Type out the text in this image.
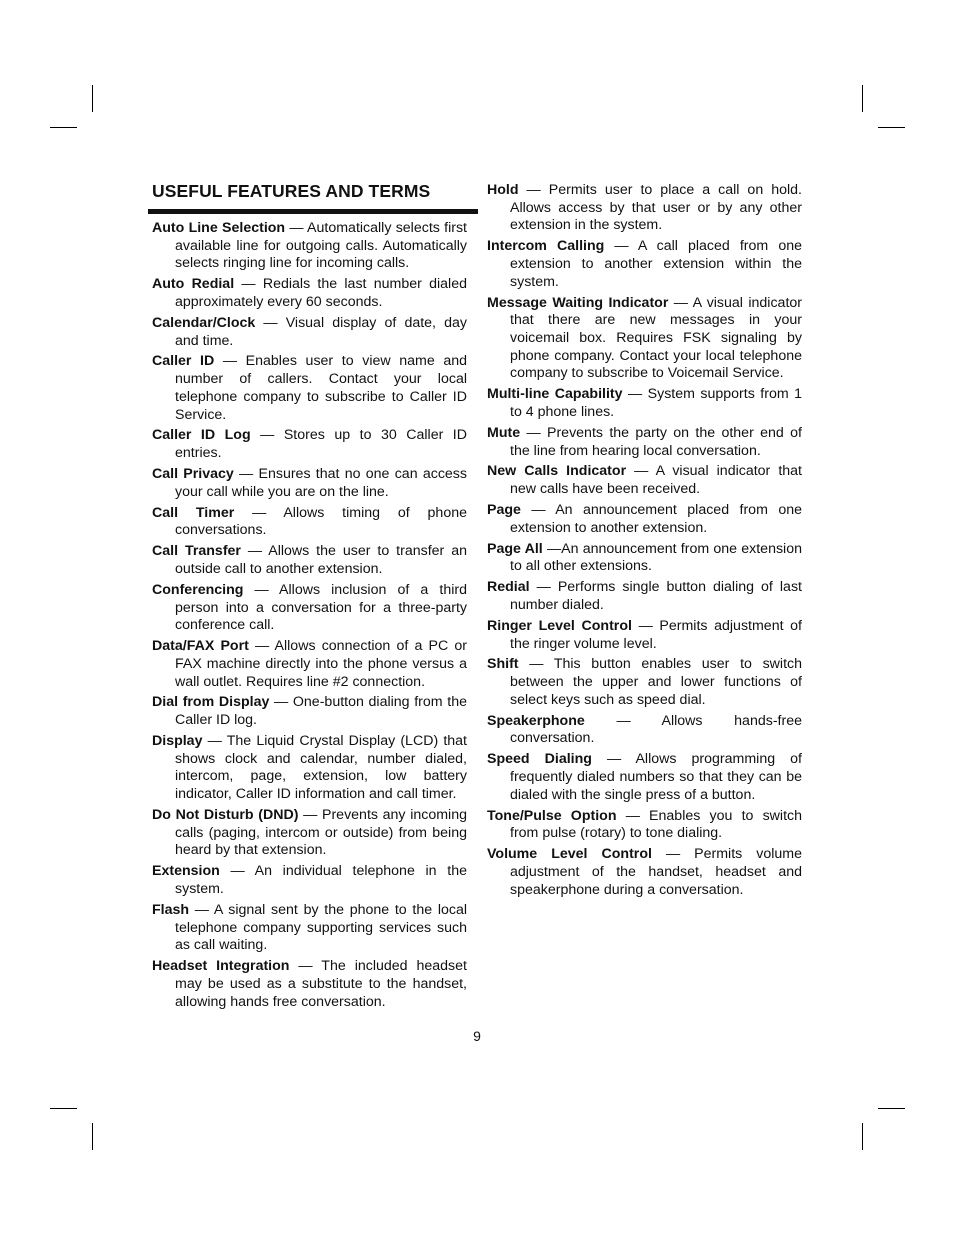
USEFUL FEATURES AND TERMS

Auto Line Selection — Automatically selects first available line for outgoing calls. Automatically selects ringing line for incoming calls.

Auto Redial — Redials the last number dialed approximately every 60 seconds.

Calendar/Clock — Visual display of date, day and time.

Caller ID — Enables user to view name and number of callers. Contact your local telephone company to subscribe to Caller ID Service.

Caller ID Log — Stores up to 30 Caller ID entries.

Call Privacy — Ensures that no one can access your call while you are on the line.

Call Timer — Allows timing of phone conversations.

Call Transfer — Allows the user to transfer an outside call to another extension.

Conferencing — Allows inclusion of a third person into a conversation for a three-party conference call.

Data/FAX Port — Allows connection of a PC or FAX machine directly into the phone versus a wall outlet. Requires line #2 connection.

Dial from Display — One-button dialing from the Caller ID log.

Display — The Liquid Crystal Display (LCD) that shows clock and calendar, number dialed, intercom, page, extension, low battery indicator, Caller ID information and call timer.

Do Not Disturb (DND) — Prevents any incoming calls (paging, intercom or outside) from being heard by that extension.

Extension — An individual telephone in the system.

Flash — A signal sent by the phone to the local telephone company supporting services such as call waiting.

Headset Integration — The included headset may be used as a substitute to the handset, allowing hands free conversation.

Hold — Permits user to place a call on hold. Allows access by that user or by any other extension in the system.

Intercom Calling — A call placed from one extension to another extension within the system.

Message Waiting Indicator — A visual indicator that there are new messages in your voicemail box. Requires FSK signaling by phone company. Contact your local telephone company to subscribe to Voicemail Service.

Multi-line Capability — System supports from 1 to 4 phone lines.

Mute — Prevents the party on the other end of the line from hearing local conversation.

New Calls Indicator — A visual indicator that new calls have been received.

Page — An announcement placed from one extension to another extension.

Page All —An announcement from one extension to all other extensions.

Redial — Performs single button dialing of last number dialed.

Ringer Level Control — Permits adjustment of the ringer volume level.

Shift — This button enables user to switch between the upper and lower functions of select keys such as speed dial.

Speakerphone — Allows hands-free conversation.

Speed Dialing — Allows programming of frequently dialed numbers so that they can be dialed with the single press of a button.

Tone/Pulse Option — Enables you to switch from pulse (rotary) to tone dialing.

Volume Level Control — Permits volume adjustment of the handset, headset and speakerphone during a conversation.

9
